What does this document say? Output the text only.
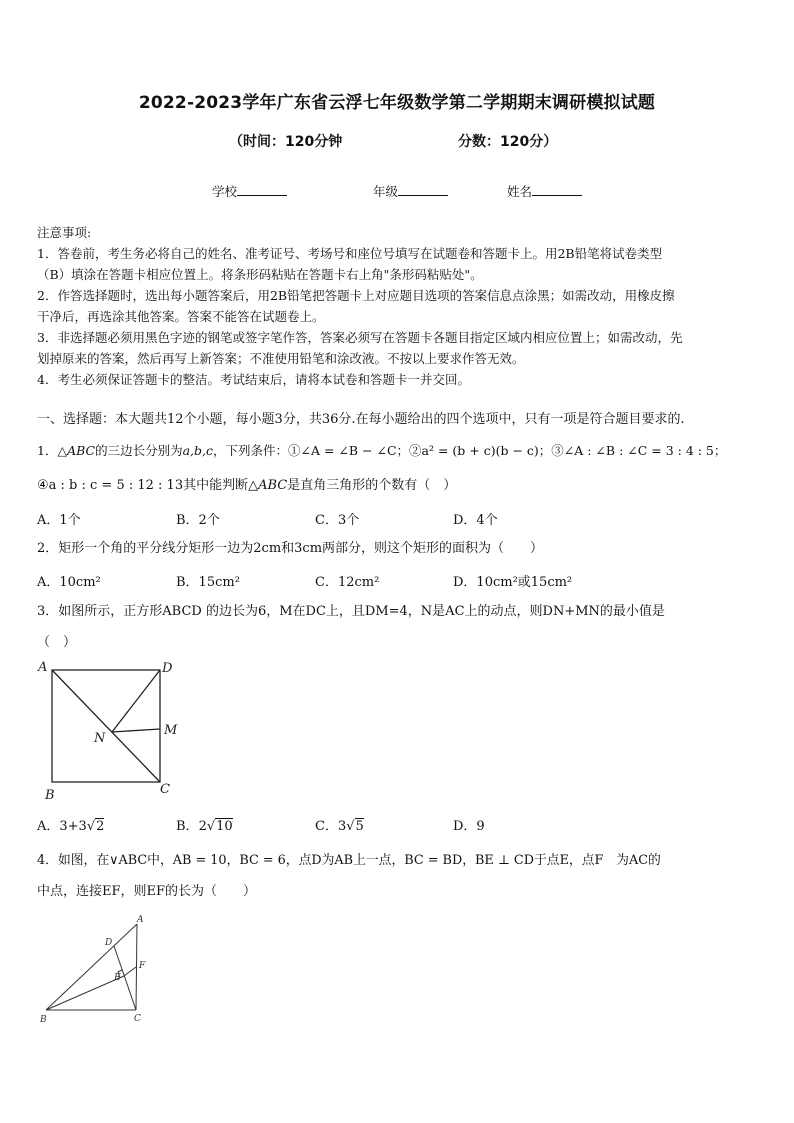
2022-2023学年广东省云浮七年级数学第二学期期末调研模拟试题
（时间：120分钟	分数：120分）
学校	年级	姓名

注意事项:

1．答卷前，考生务必将自己的姓名、准考证号、考场号和座位号填写在试题卷和答题卡上。用2B铅笔将试卷类型

（B）填涂在答题卡相应位置上。将条形码粘贴在答题卡右上角"条形码粘贴处"。

2．作答选择题时，选出每小题答案后，用2B铅笔把答题卡上对应题目选项的答案信息点涂黑；如需改动，用橡皮擦

干净后，再选涂其他答案。答案不能答在试题卷上。

3．非选择题必须用黑色字迹的钢笔或签字笔作答，答案必须写在答题卡各题目指定区域内相应位置上；如需改动，先

划掉原来的答案，然后再写上新答案；不准使用铅笔和涂改液。不按以上要求作答无效。

4．考生必须保证答题卡的整洁。考试结束后，请将本试卷和答题卡一并交回。

一、选择题：本大题共12个小题，每小题3分，共36分.在每小题给出的四个选项中，只有一项是符合题目要求的.
1．△ABC的三边长分别为a,b,c，下列条件：①∠A = ∠B − ∠C；②a² = (b + c)(b − c)；③∠A : ∠B : ∠C = 3 : 4 : 5；
④a : b : c = 5 : 12 : 13其中能判断△ABC是直角三角形的个数有（　）
A．1个	B．2个	C．3个	D．4个
2．矩形一个角的平分线分矩形一边为2cm和3cm两部分，则这个矩形的面积为（　　）
A．10cm²	B．15cm²	C．12cm²	D．10cm²或15cm²
3．如图所示，正方形ABCD 的边长为6，M在DC上，且DM=4，N是AC上的动点，则DN+MN的最小值是
（　）
A	D
M
N
B	C
A．3+3√2	B．2√10	C．3√5	D．9
4．如图，在∨ABC中，AB = 10，BC = 6，点D为AB上一点，BC = BD，BE ⊥ CD于点E，点F　为AC的
中点，连接EF，则EF的长为（　　）
A
D
F
E
B	C
